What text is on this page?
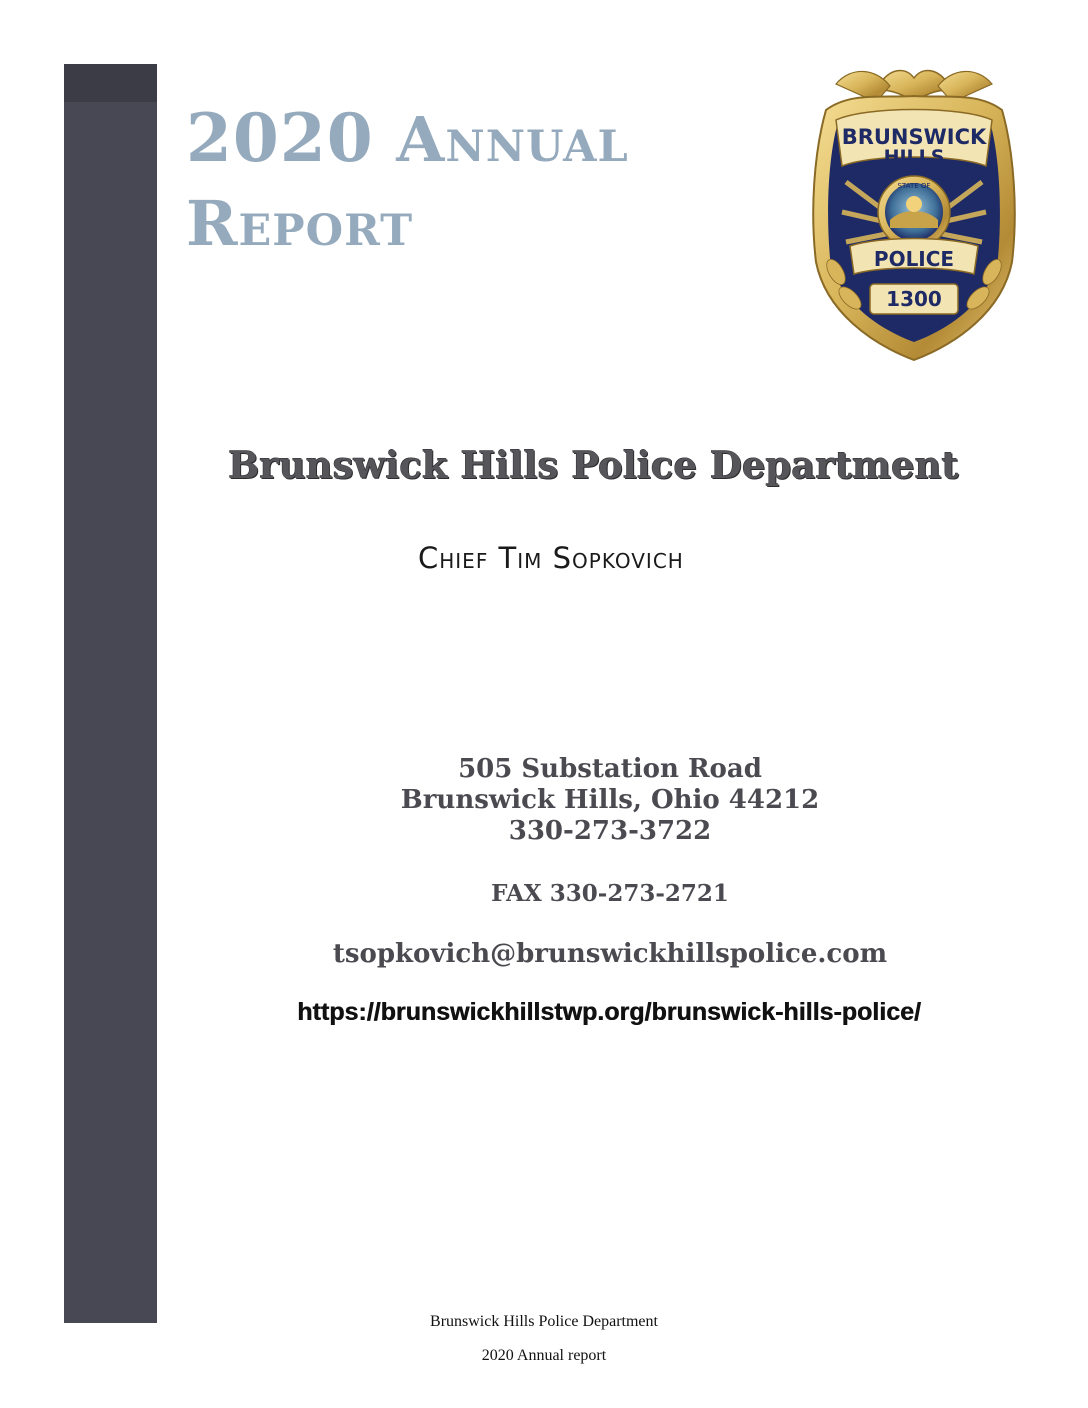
2020 Annual
Report
BRUNSWICK
HILLS
STATE OF
POLICE
1300
Brunswick Hills Police Department
Chief Tim Sopkovich
505 Substation Road
Brunswick Hills, Ohio 44212
330-273-3722
FAX 330-273-2721
tsopkovich@brunswickhillspolice.com
https://brunswickhillstwp.org/brunswick-hills-police/
Brunswick Hills Police Department
2020 Annual report
